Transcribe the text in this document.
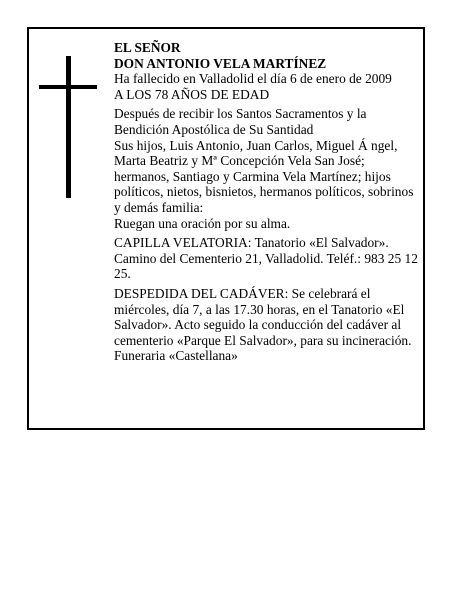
EL SEÑOR

DON ANTONIO VELA MARTÍNEZ

Ha fallecido en Valladolid el día 6 de enero de 2009

A LOS 78 AÑOS DE EDAD

Después de recibir los Santos Sacramentos y la Bendición Apostólica de Su Santidad

Sus hijos, Luis Antonio, Juan Carlos, Miguel Á ngel, Marta Beatriz y Mª Concepción Vela San José; hermanos, Santiago y Carmina Vela Martínez; hijos políticos, nietos, bisnietos, hermanos políticos, sobrinos y demás familia:

Ruegan una oración por su alma.

CAPILLA VELATORIA: Tanatorio «El Salvador». Camino del Cementerio 21, Valladolid. Teléf.: 983 25 12 25.

DESPEDIDA DEL CADÁVER: Se celebrará el miércoles, día 7, a las 17.30 horas, en el Tanatorio «El Salvador». Acto seguido la conducción del cadáver al cementerio «Parque El Salvador», para su incineración.

Funeraria «Castellana»
